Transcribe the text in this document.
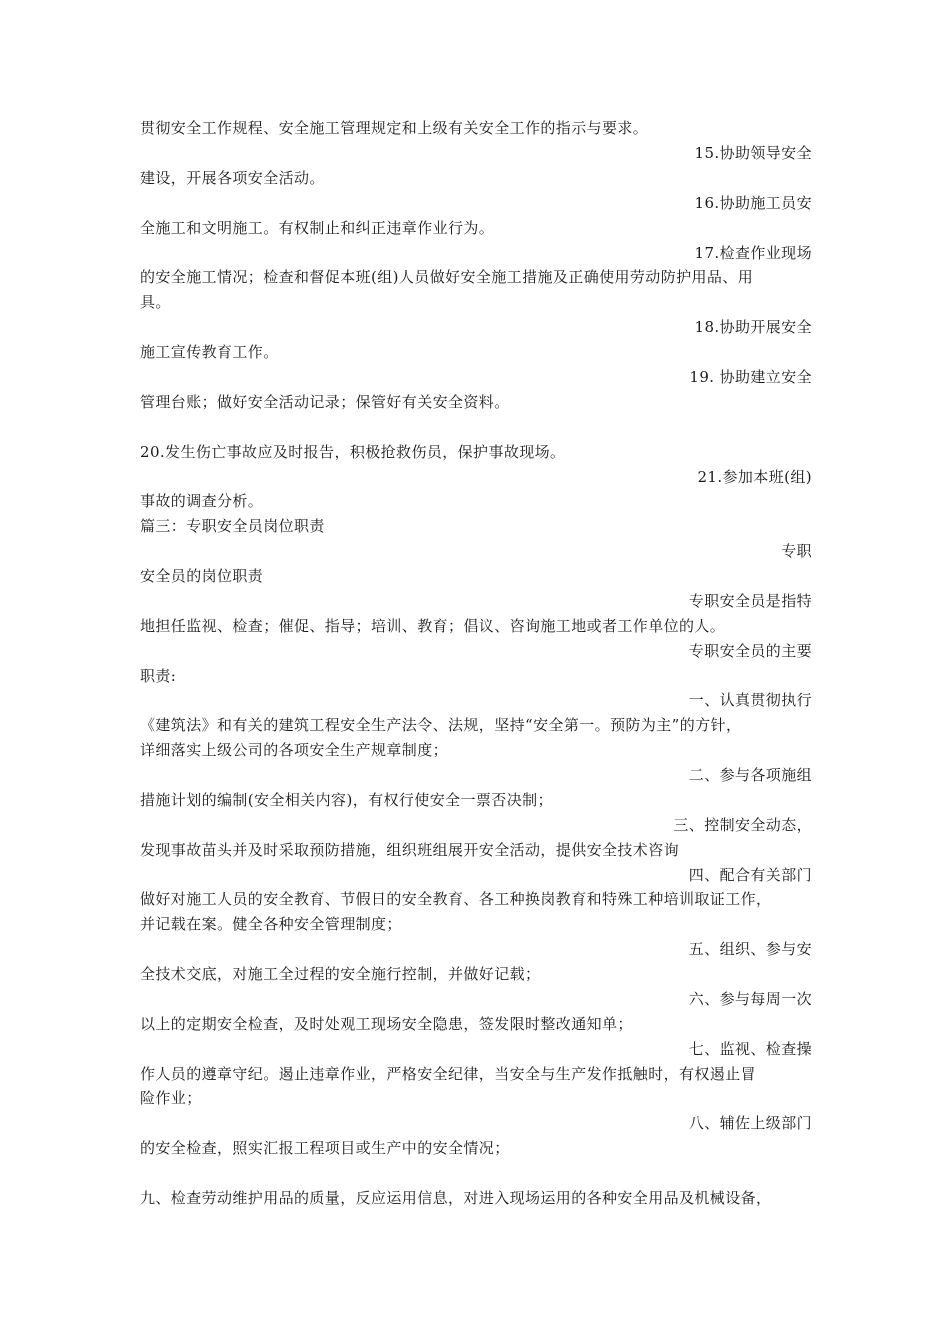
贯彻安全工作规程、安全施工管理规定和上级有关安全工作的指示与要求。
15.协助领导安全
建设，开展各项安全活动。
16.协助施工员安
全施工和文明施工。有权制止和纠正违章作业行为。
17.检查作业现场
的安全施工情况；检查和督促本班(组)人员做好安全施工措施及正确使用劳动防护用品、用
具。
18.协助开展安全
施工宣传教育工作。
19. 协助建立安全
管理台账；做好安全活动记录；保管好有关安全资料。
20.发生伤亡事故应及时报告，积极抢救伤员，保护事故现场。
21.参加本班(组)
事故的调查分析。
篇三：专职安全员岗位职责
专职
安全员的岗位职责
专职安全员是指特
地担任监视、检查；催促、指导；培训、教育；倡议、咨询施工地或者工作单位的人。
专职安全员的主要
职责:
一、认真贯彻执行
《建筑法》和有关的建筑工程安全生产法令、法规，坚持“安全第一。预防为主”的方针，
详细落实上级公司的各项安全生产规章制度；
二、参与各项施组
措施计划的编制(安全相关内容)，有权行使安全一票否决制；
三、控制安全动态，
发现事故苗头并及时采取预防措施，组织班组展开安全活动，提供安全技术咨询
四、配合有关部门
做好对施工人员的安全教育、节假日的安全教育、各工种换岗教育和特殊工种培训取证工作，
并记载在案。健全各种安全管理制度；
五、组织、参与安
全技术交底，对施工全过程的安全施行控制，并做好记载；
六、参与每周一次
以上的定期安全检查，及时处观工现场安全隐患，签发限时整改通知单；
七、监视、检查操
作人员的遵章守纪。遏止违章作业，严格安全纪律，当安全与生产发作抵触时，有权遏止冒
险作业；
八、辅佐上级部门
的安全检查，照实汇报工程项目或生产中的安全情况；
九、检查劳动维护用品的质量，反应运用信息，对进入现场运用的各种安全用品及机械设备，
